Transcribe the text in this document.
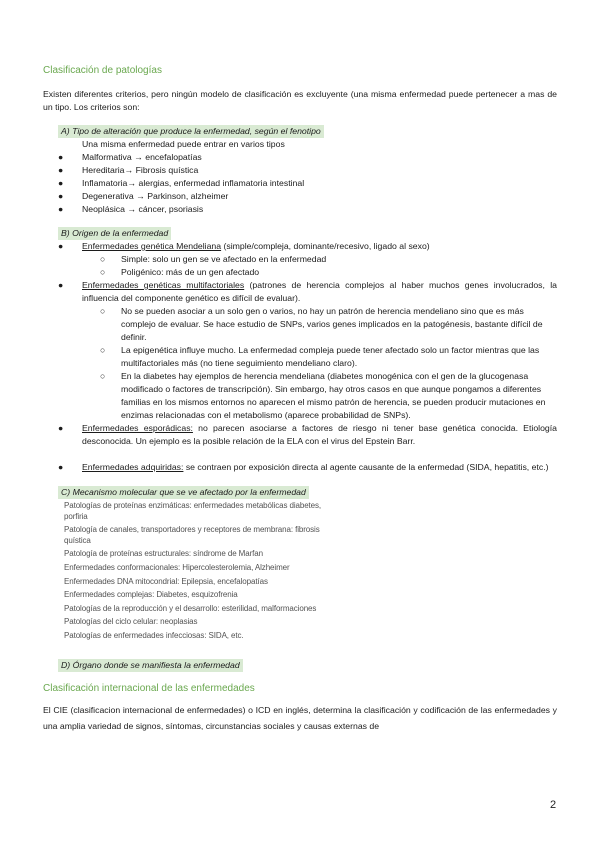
Clasificación de patologías
Existen diferentes criterios, pero ningún modelo de clasificación es excluyente (una misma enfermedad puede pertenecer a mas de un tipo. Los criterios son:
A) Tipo de alteración que produce la enfermedad, según el fenotipo
Una misma enfermedad puede entrar en varios tipos
● Malformativa → encefalopatías
● Hereditaria→ Fibrosis quística
● Inflamatoria→ alergias, enfermedad inflamatoria intestinal
● Degenerativa → Parkinson, alzheimer
● Neoplásica → cáncer, psoriasis
B) Origen de la enfermedad
● Enfermedades genética Mendeliana (simple/compleja, dominante/recesivo, ligado al sexo)
○ Simple: solo un gen se ve afectado en la enfermedad
○ Poligénico: más de un gen afectado
● Enfermedades genéticas multifactoriales (patrones de herencia complejos al haber muchos genes involucrados, la influencia del componente genético es difícil de evaluar).
○ No se pueden asociar a un solo gen o varios, no hay un patrón de herencia mendeliano sino que es más complejo de evaluar. Se hace estudio de SNPs, varios genes implicados en la patogénesis, bastante difícil de definir.
○ La epigenética influye mucho. La enfermedad compleja puede tener afectado solo un factor mientras que las multifactoriales más (no tiene seguimiento mendeliano claro).
○ En la diabetes hay ejemplos de herencia mendeliana (diabetes monogénica con el gen de la glucogenasa modificado o factores de transcripción). Sin embargo, hay otros casos en que aunque pongamos a diferentes familias en los mismos entornos no aparecen el mismo patrón de herencia, se pueden producir mutaciones en enzimas relacionadas con el metabolismo (aparece probabilidad de SNPs).
● Enfermedades esporádicas: no parecen asociarse a factores de riesgo ni tener base genética conocida. Etiología desconocida. Un ejemplo es la posible relación de la ELA con el virus del Epstein Barr.
● Enfermedades adquiridas: se contraen por exposición directa al agente causante de la enfermedad (SIDA, hepatitis, etc.)
C) Mecanismo molecular que se ve afectado por la enfermedad
Patologías de proteínas enzimáticas: enfermedades metabólicas diabetes,
porfiria
Patología de canales, transportadores y receptores de membrana: fibrosis
quística
Patología de proteínas estructurales: síndrome de Marfan
Enfermedades conformacionales: Hipercolesterolemia, Alzheimer
Enfermedades DNA mitocondrial: Epilepsia, encefalopatías
Enfermedades complejas: Diabetes, esquizofrenia
Patologías de la reproducción y el desarrollo: esterilidad, malformaciones
Patologías del ciclo celular: neoplasias
Patologías de enfermedades infecciosas: SIDA, etc.
D) Órgano donde se manifiesta la enfermedad
Clasificación internacional de las enfermedades
El CIE (clasificacion internacional de enfermedades) o ICD en inglés, determina la clasificación y codificación de las enfermedades y una amplia variedad de signos, síntomas, circunstancias sociales y causas externas de
2
